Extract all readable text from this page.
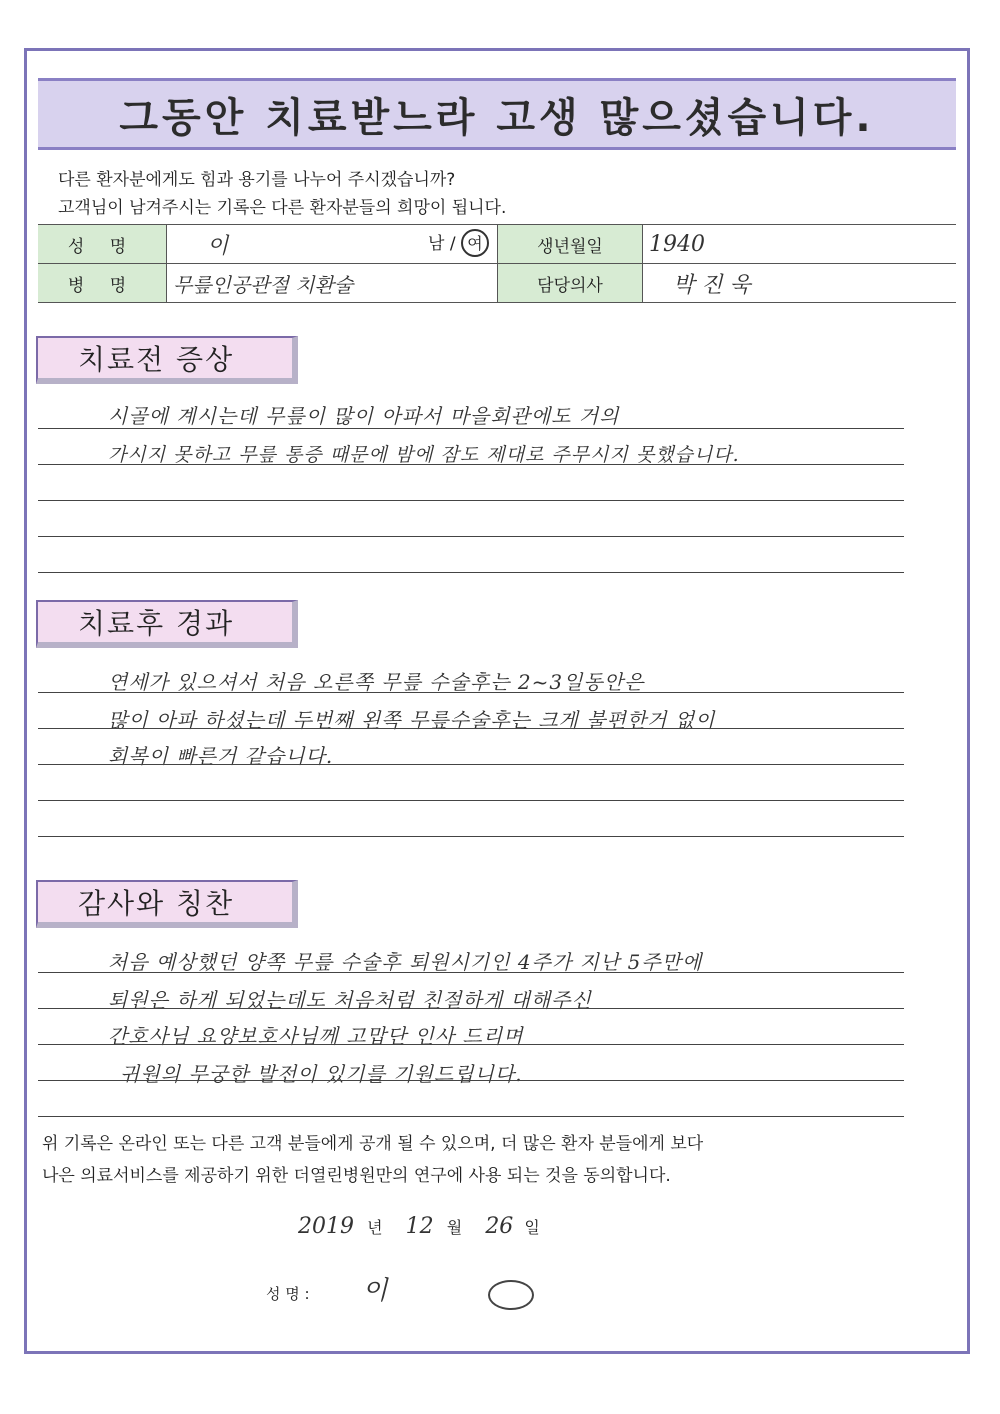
그동안 치료받느라 고생 많으셨습니다.
다른 환자분에게도 힘과 용기를 나누어 주시겠습니까?
고객님이 남겨주시는 기록은 다른 환자분들의 희망이 됩니다.
성 명	이 남 / 여	생년월일	1940
병 명	무릎인공관절 치환술	담당의사	박 진 욱
치료전 증상
시골에 계시는데 무릎이 많이 아파서 마을회관에도 거의
가시지 못하고 무릎 통증 때문에 밤에 잠도 제대로 주무시지 못했습니다.
치료후 경과
연세가 있으셔서 처음 오른쪽 무릎 수술후는 2~3일동안은
많이 아파 하셨는데 두번째 왼쪽 무릎수술후는 크게 불편한거 없이
회복이 빠른거 같습니다.
감사와 칭찬
처음 예상했던 양쪽 무릎 수술후 퇴원시기인 4주가 지난 5주만에
퇴원은 하게 되었는데도 처음처럼 친절하게 대해주신
간호사님 요양보호사님께 고맙단 인사 드리며
귀원의 무궁한 발전이 있기를 기원드립니다.
위 기록은 온라인 또는 다른 고객 분들에게 공개 될 수 있으며, 더 많은 환자 분들에게 보다
나은 의료서비스를 제공하기 위한 더열린병원만의 연구에 사용 되는 것을 동의합니다.
2019 년 12 월 26 일
성 명 : 이
